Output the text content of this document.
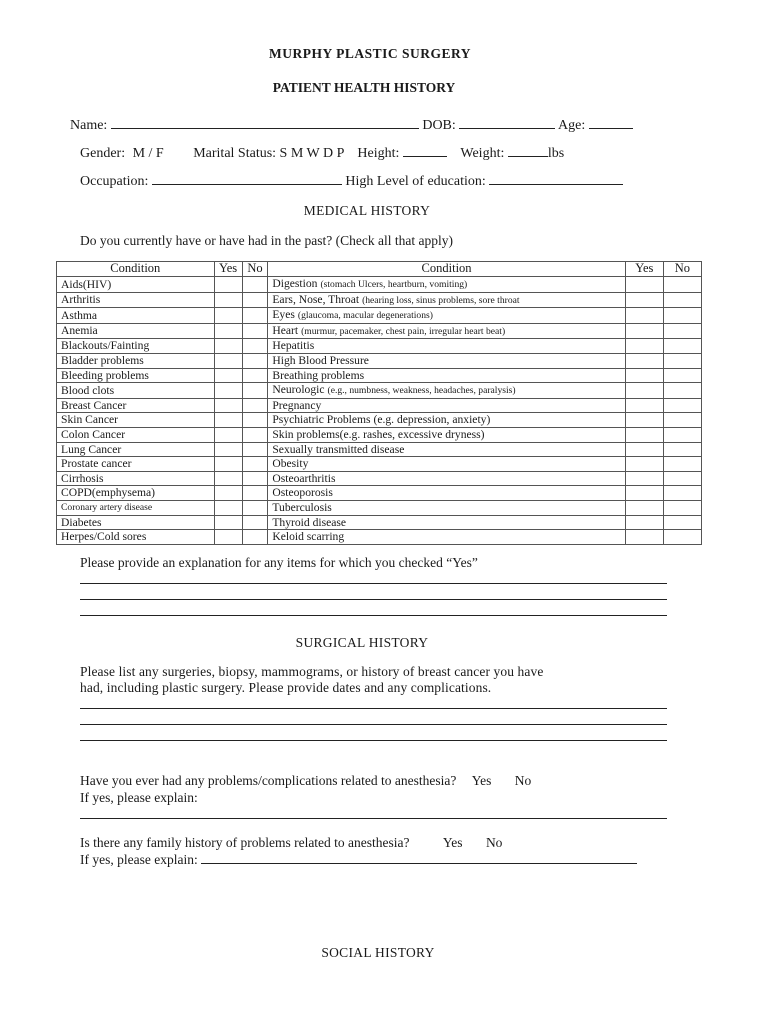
MURPHY PLASTIC SURGERY
PATIENT HEALTH HISTORY
Name:	DOB:	Age:
Gender: M / F Marital Status: S M W D P Height:	Weight:	lbs
Occupation:	High Level of education:
MEDICAL HISTORY
Do you currently have or have had in the past? (Check all that apply)
Condition	Yes	No	Condition	Yes	No
Aids(HIV)			Digestion (stomach Ulcers, heartburn, vomiting)		
Arthritis			Ears, Nose, Throat (hearing loss, sinus problems, sore throat		
Asthma			Eyes (glaucoma, macular degenerations)		
Anemia			Heart (murmur, pacemaker, chest pain, irregular heart beat)		
Blackouts/Fainting			Hepatitis		
Bladder problems			High Blood Pressure		
Bleeding problems			Breathing problems		
Blood clots			Neurologic (e.g., numbness, weakness, headaches, paralysis)		
Breast Cancer			Pregnancy		
Skin Cancer			Psychiatric Problems (e.g. depression, anxiety)		
Colon Cancer			Skin problems(e.g. rashes, excessive dryness)		
Lung Cancer			Sexually transmitted disease		
Prostate cancer			Obesity		
Cirrhosis			Osteoarthritis		
COPD(emphysema)			Osteoporosis		
Coronary artery disease			Tuberculosis		
Diabetes			Thyroid disease		
Herpes/Cold sores			Keloid scarring		
Please provide an explanation for any items for which you checked “Yes”
SURGICAL HISTORY
Please list any surgeries, biopsy, mammograms, or history of breast cancer you have
had, including plastic surgery. Please provide dates and any complications.
Have you ever had any problems/complications related to anesthesia? Yes No
If yes, please explain:
Is there any family history of problems related to anesthesia? Yes No
If yes, please explain:
SOCIAL HISTORY
